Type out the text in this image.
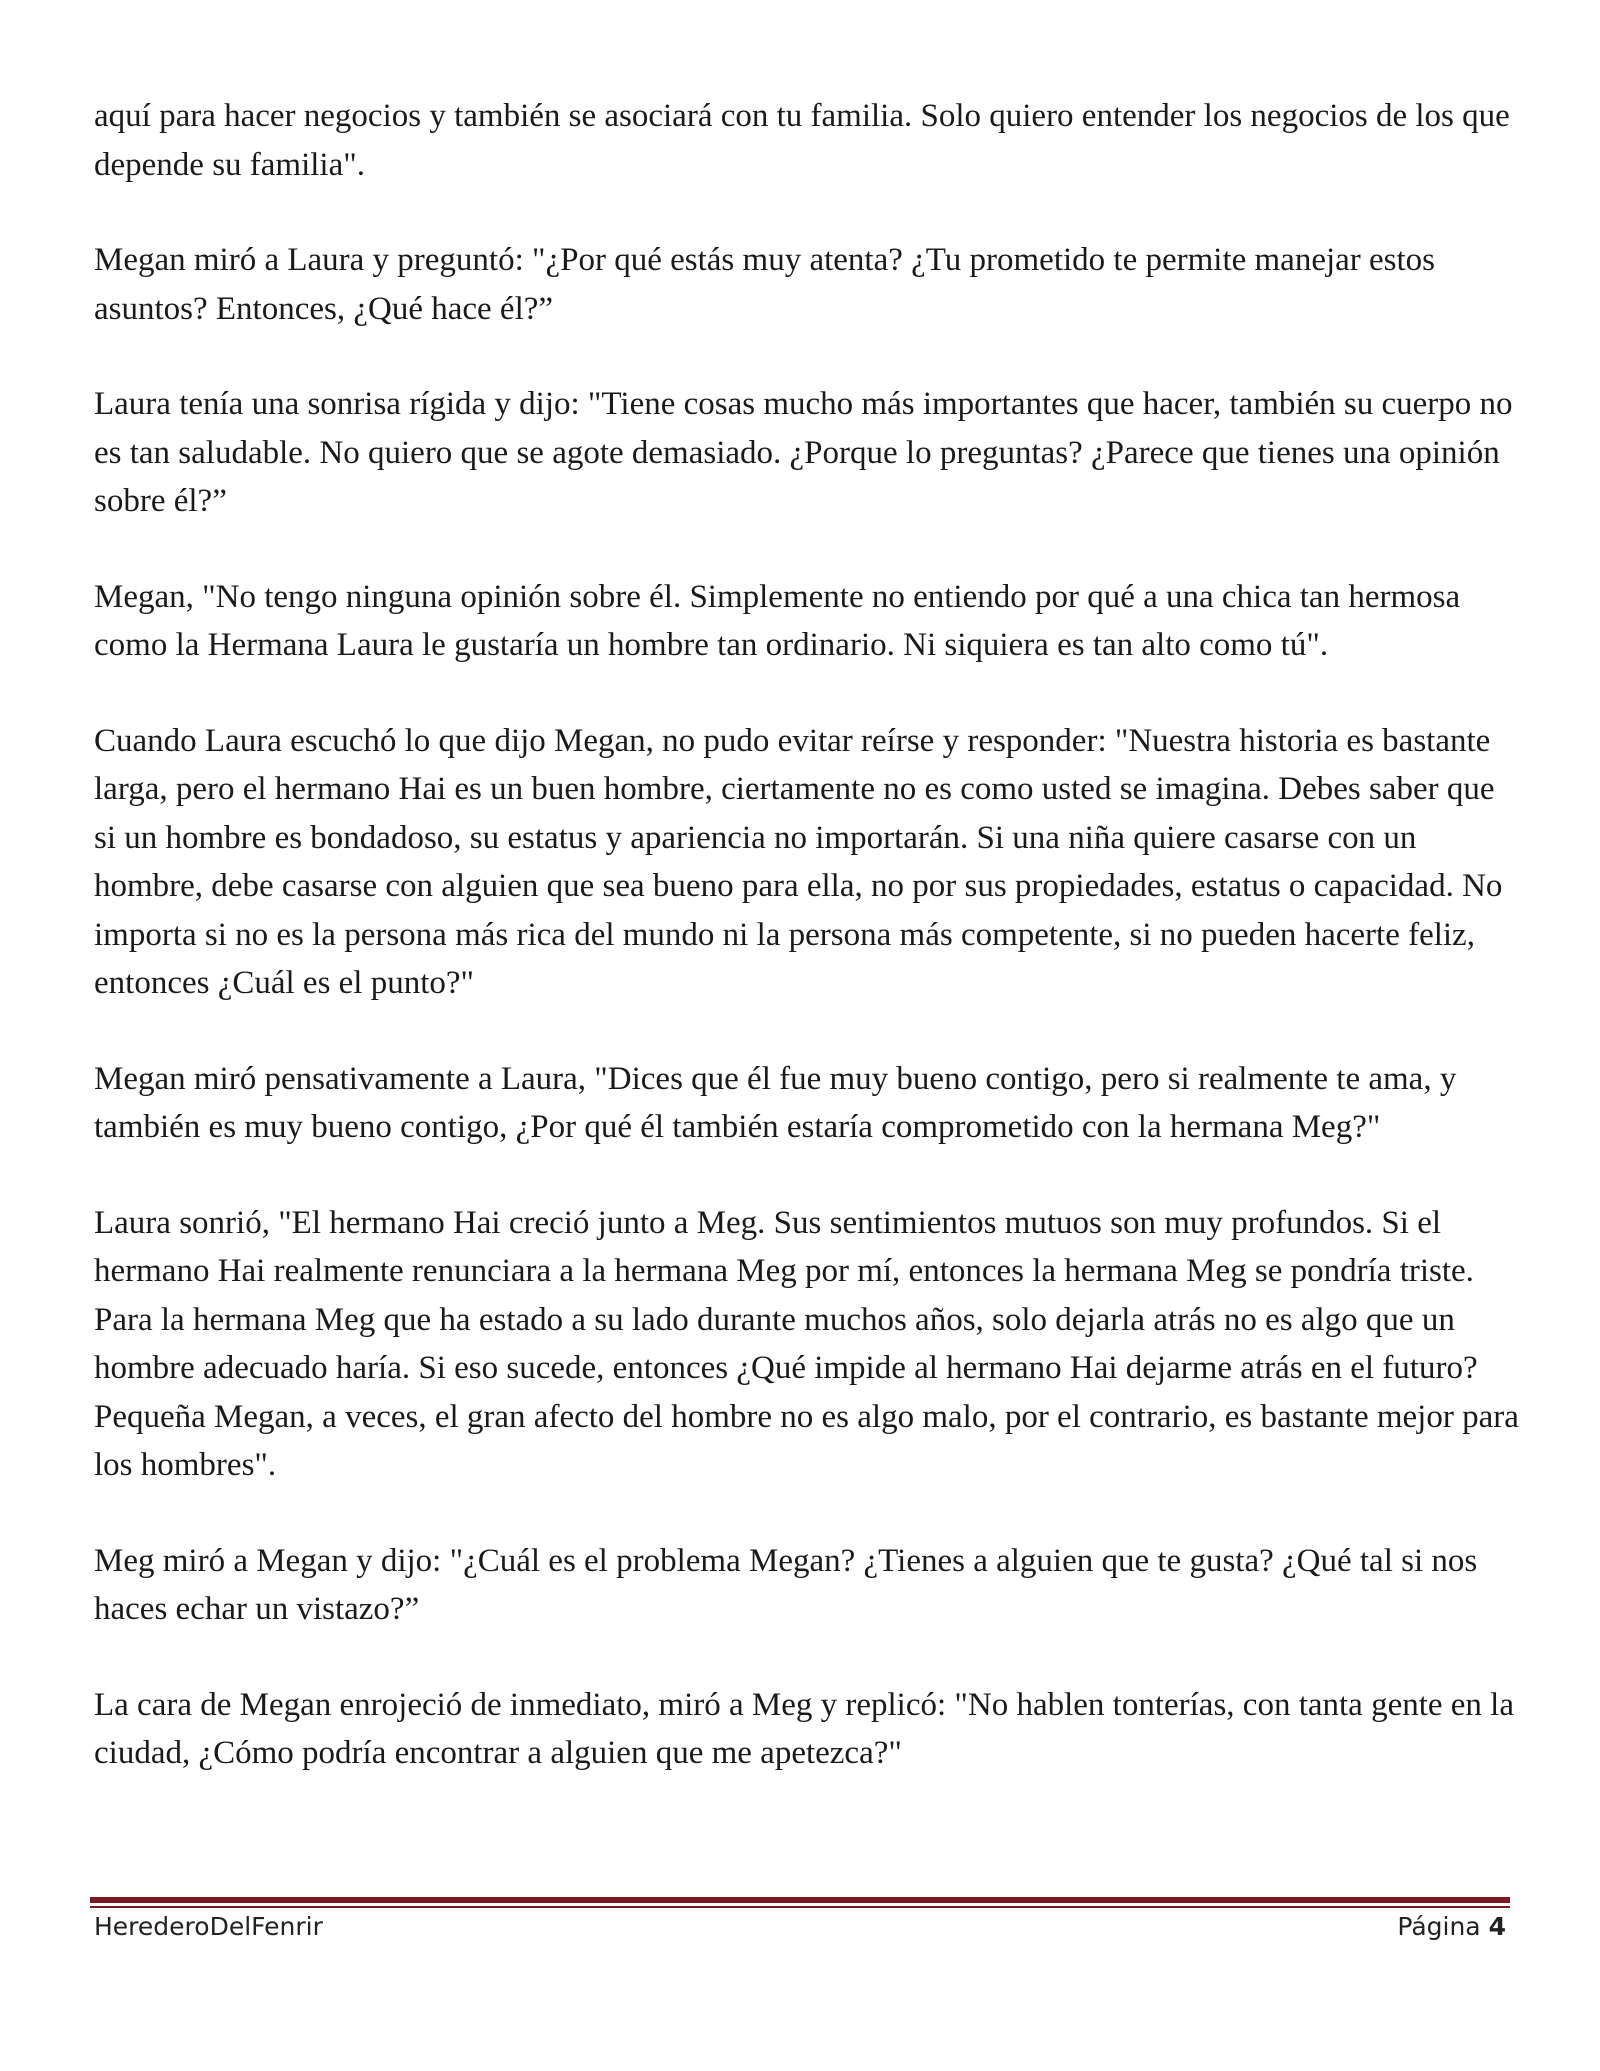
aquí para hacer negocios y también se asociará con tu familia. Solo quiero entender los negocios de los que depende su familia".

Megan miró a Laura y preguntó: "¿Por qué estás muy atenta? ¿Tu prometido te permite manejar estos asuntos? Entonces, ¿Qué hace él?”

Laura tenía una sonrisa rígida y dijo: "Tiene cosas mucho más importantes que hacer, también su cuerpo no es tan saludable. No quiero que se agote demasiado. ¿Porque lo preguntas? ¿Parece que tienes una opinión sobre él?”

Megan, "No tengo ninguna opinión sobre él. Simplemente no entiendo por qué a una chica tan hermosa como la Hermana Laura le gustaría un hombre tan ordinario. Ni siquiera es tan alto como tú".

Cuando Laura escuchó lo que dijo Megan, no pudo evitar reírse y responder: "Nuestra historia es bastante larga, pero el hermano Hai es un buen hombre, ciertamente no es como usted se imagina. Debes saber que si un hombre es bondadoso, su estatus y apariencia no importarán. Si una niña quiere casarse con un hombre, debe casarse con alguien que sea bueno para ella, no por sus propiedades, estatus o capacidad. No importa si no es la persona más rica del mundo ni la persona más competente, si no pueden hacerte feliz, entonces ¿Cuál es el punto?"

Megan miró pensativamente a Laura, "Dices que él fue muy bueno contigo, pero si realmente te ama, y también es muy bueno contigo, ¿Por qué él también estaría comprometido con la hermana Meg?"

Laura sonrió, "El hermano Hai creció junto a Meg. Sus sentimientos mutuos son muy profundos. Si el hermano Hai realmente renunciara a la hermana Meg por mí, entonces la hermana Meg se pondría triste. Para la hermana Meg que ha estado a su lado durante muchos años, solo dejarla atrás no es algo que un hombre adecuado haría. Si eso sucede, entonces ¿Qué impide al hermano Hai dejarme atrás en el futuro? Pequeña Megan, a veces, el gran afecto del hombre no es algo malo, por el contrario, es bastante mejor para los hombres".

Meg miró a Megan y dijo: "¿Cuál es el problema Megan? ¿Tienes a alguien que te gusta? ¿Qué tal si nos haces echar un vistazo?”

La cara de Megan enrojeció de inmediato, miró a Meg y replicó: "No hablen tonterías, con tanta gente en la ciudad, ¿Cómo podría encontrar a alguien que me apetezca?"

HerederoDelFenrir	Página 4
